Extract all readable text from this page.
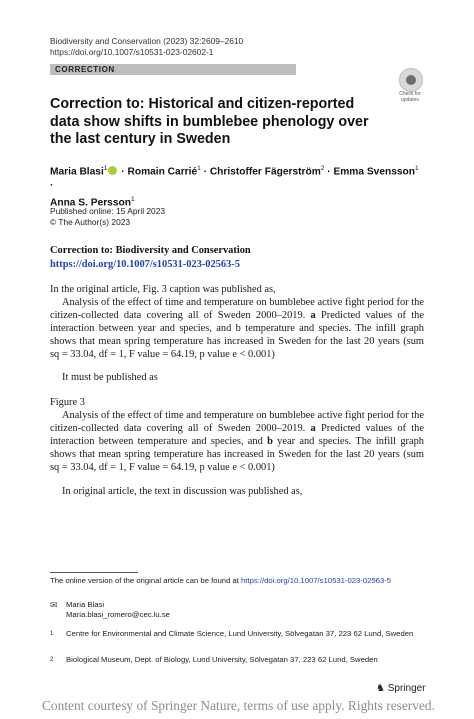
Biodiversity and Conservation (2023) 32:2609–2610
https://doi.org/10.1007/s10531-023-02602-1
CORRECTION
Check for
updates
Correction to: Historical and citizen-reported data show shifts in bumblebee phenology over the last century in Sweden
Maria Blasi$^1$ · Romain Carrié$^1$ · Christoffer Fägerström$^2$ · Emma Svensson$^1$ ·
Anna S. Persson$^1$
Published online: 15 April 2023
© The Author(s) 2023
Correction to: Biodiversity and Conservation
https://doi.org/10.1007/s10531-023-02563-5
In the original article, Fig. 3 caption was published as,
Analysis of the effect of time and temperature on bumblebee active fight period for the citizen-collected data covering all of Sweden 2000–2019. a Predicted values of the interaction between year and species, and b temperature and species. The infill graph shows that mean spring temperature has increased in Sweden for the last 20 years (sum sq = 33.04, df = 1, F value = 64.19, p value e < 0.001)
It must be published as
Figure 3
Analysis of the effect of time and temperature on bumblebee active fight period for the citizen-collected data covering all of Sweden 2000–2019. a Predicted values of the interaction between temperature and species, and b year and species. The infill graph shows that mean spring temperature has increased in Sweden for the last 20 years (sum sq = 33.04, df = 1, F value = 64.19, p value e < 0.001)
In original article, the text in discussion was published as,
The online version of the original article can be found at https://doi.org/10.1007/s10531-023-02563-5
✉ Maria Blasi
Maria.blasi_romero@cec.lu.se
1 Centre for Environmental and Climate Science, Lund University, Sölvegatan 37, 223 62 Lund, Sweden
2 Biological Museum, Dept. of Biology, Lund University, Sölvegatan 37, 223 62 Lund, Sweden
♞ Springer
Content courtesy of Springer Nature, terms of use apply. Rights reserved.
